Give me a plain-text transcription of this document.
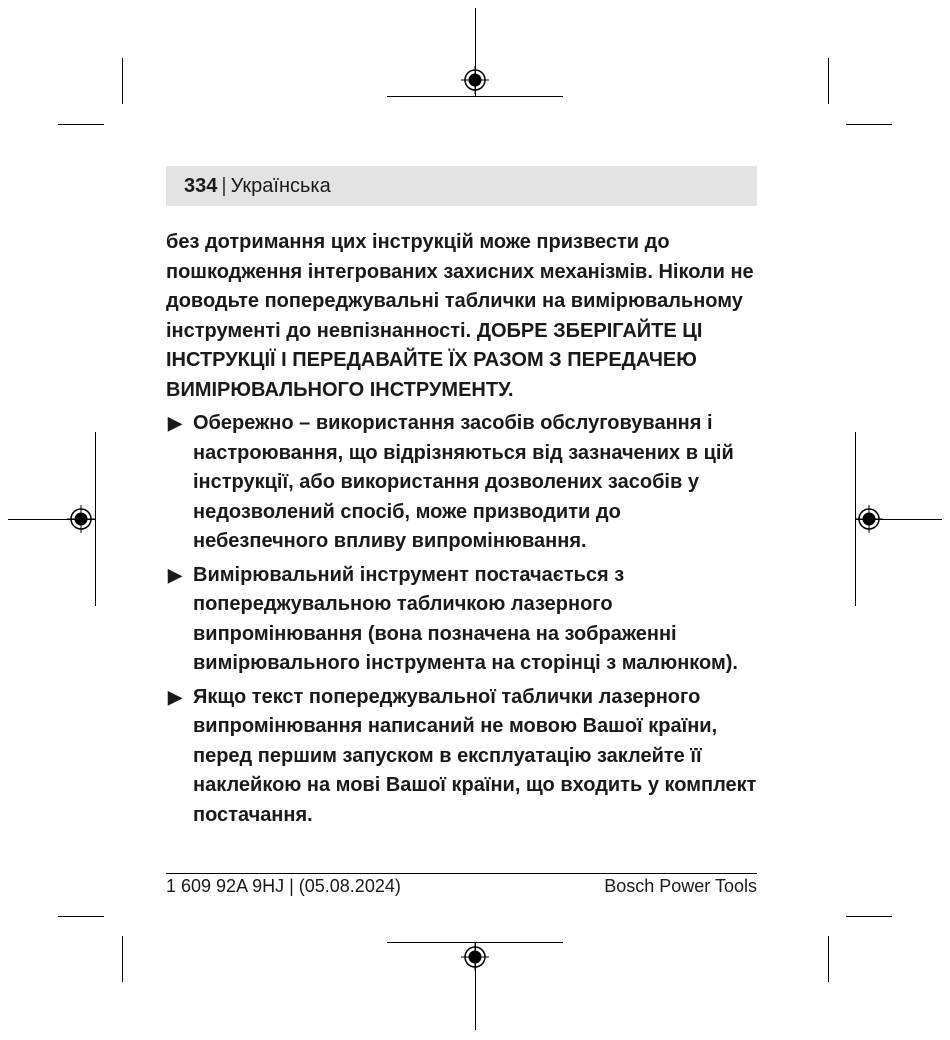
334 | Українська

без дотримання цих інструкцій може призвести до пошкодження інтегрованих захисних механізмів. Ніколи не доводьте попереджувальні таблички на вимірювальному інструменті до невпізнанності. ДОБРЕ ЗБЕРІГАЙТЕ ЦІ ІНСТРУКЦІЇ І ПЕРЕДАВАЙТЕ ЇХ РАЗОМ З ПЕРЕДАЧЕЮ ВИМІРЮВАЛЬНОГО ІНСТРУМЕНТУ.

▶ Обережно – використання засобів обслуговування і настроювання, що відрізняються від зазначених в цій інструкції, або використання дозволених засобів у недозволений спосіб, може призводити до небезпечного впливу випромінювання.
▶ Вимірювальний інструмент постачається з попереджувальною табличкою лазерного випромінювання (вона позначена на зображенні вимірювального інструмента на сторінці з малюнком).
▶ Якщо текст попереджувальної таблички лазерного випромінювання написаний не мовою Вашої країни, перед першим запуском в експлуатацію заклейте її наклейкою на мові Вашої країни, що входить у комплект постачання.
1 609 92A 9HJ | (05.08.2024)	Bosch Power Tools
